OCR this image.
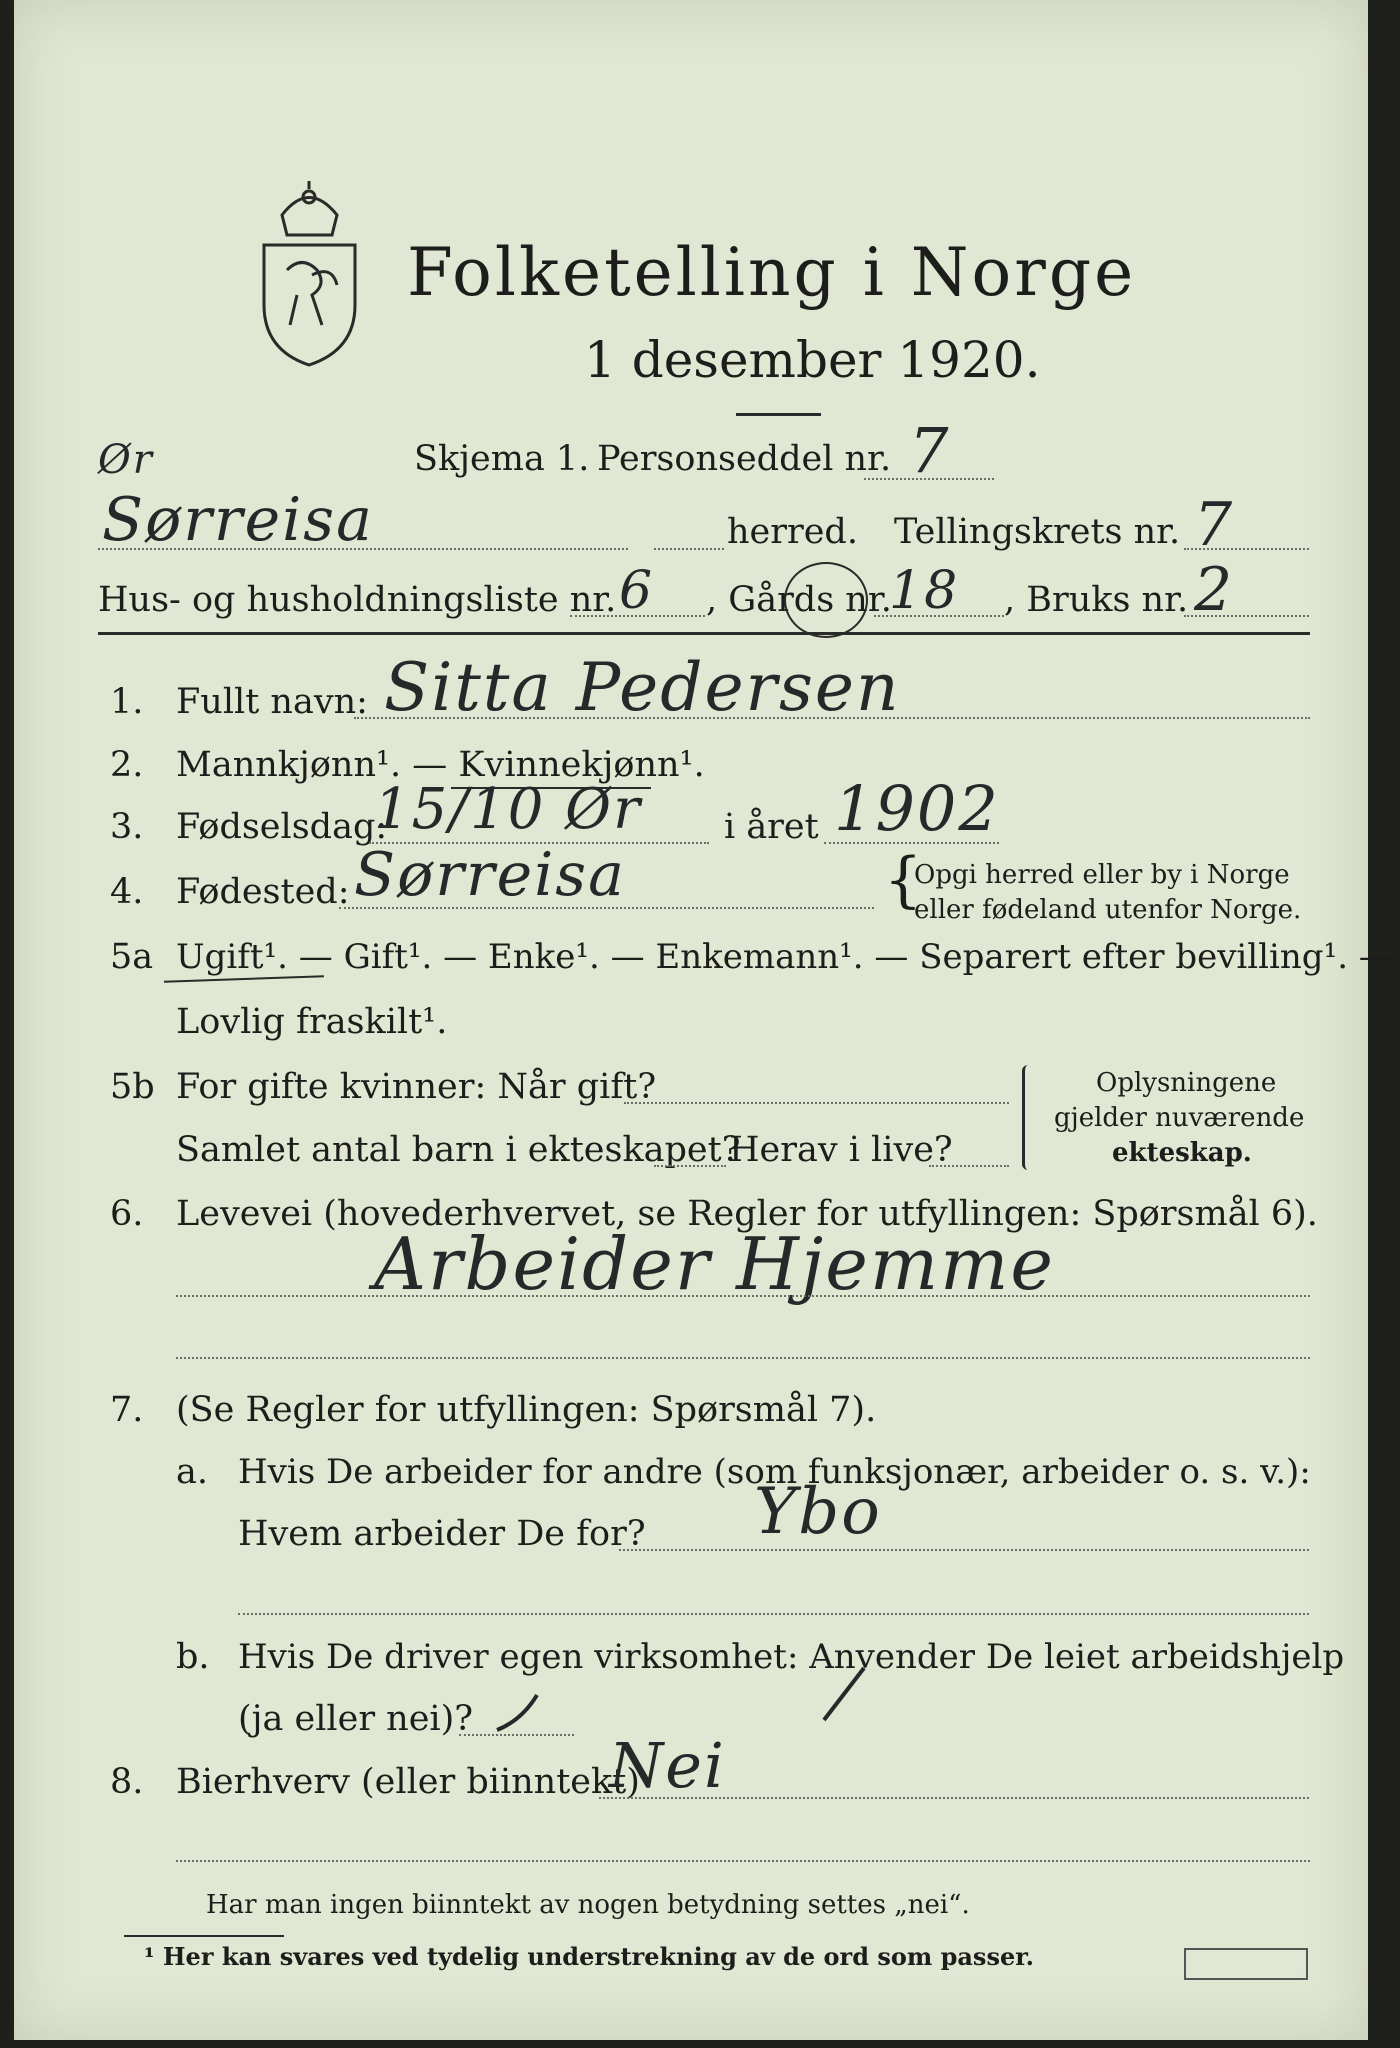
Folketelling i Norge
1 desember 1920.
Skjema 1. Personseddel nr. 7
Ør
Sørreisa	herred. Tellingskrets nr. 7
Hus- og husholdningsliste nr. 6 , Gårds nr.
18 , Bruks nr. 2
1. Fullt navn: Sitta Pedersen
2. Mannkjønn¹. — Kvinnekjønn¹.
3. Fødselsdag:
15/10 Ør i året 1902
4. Fødested: Sørreisa	{
Opgi herred eller by i Norge
eller fødeland utenfor Norge.
5a Ugift¹. — Gift¹. — Enke¹. — Enkemann¹. — Separert efter bevilling¹. —
Lovlig fraskilt¹.
5b For gifte kvinner: Når gift?
Samlet antal barn i ekteskapet?
Herav i live?
Oplysningene
gjelder nuværende
ekteskap.
6. Levevei (hovederhvervet, se Regler for utfyllingen: Spørsmål 6).
Arbeider Hjemme
7. (Se Regler for utfyllingen: Spørsmål 7).
a. Hvis De arbeider for andre (som funksjonær, arbeider o. s. v.):
Hvem arbeider De for? Ybo
b. Hvis De driver egen virksomhet: Anvender De leiet arbeidshjelp
(ja eller nei)?
8. Bierhverv (eller biinntekt)
Nei
Har man ingen biinntekt av nogen betydning settes „nei“.
¹ Her kan svares ved tydelig understrekning av de ord som passer.
